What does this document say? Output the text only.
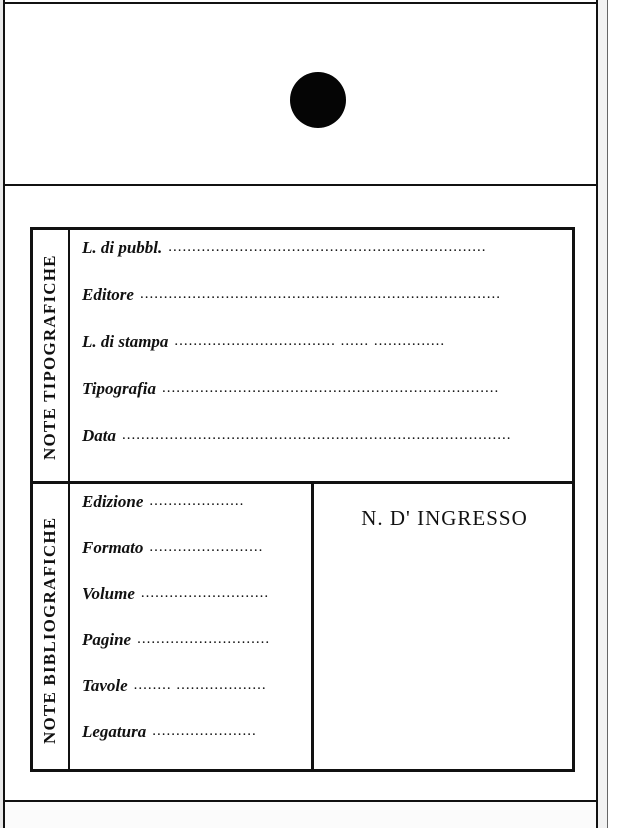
NOTE TIPOGRAFICHE
NOTE BIBLIOGRAFICHE
L. di pubbl. ...................................................................
Editore ............................................................................
L. di stampa .................................. ...... ...............
Tipografia .......................................................................
Data ..................................................................................
Edizione ....................
Formato ........................
Volume ...........................
Pagine ............................
Tavole ........ ...................
Legatura ......................
N. D' INGRESSO
